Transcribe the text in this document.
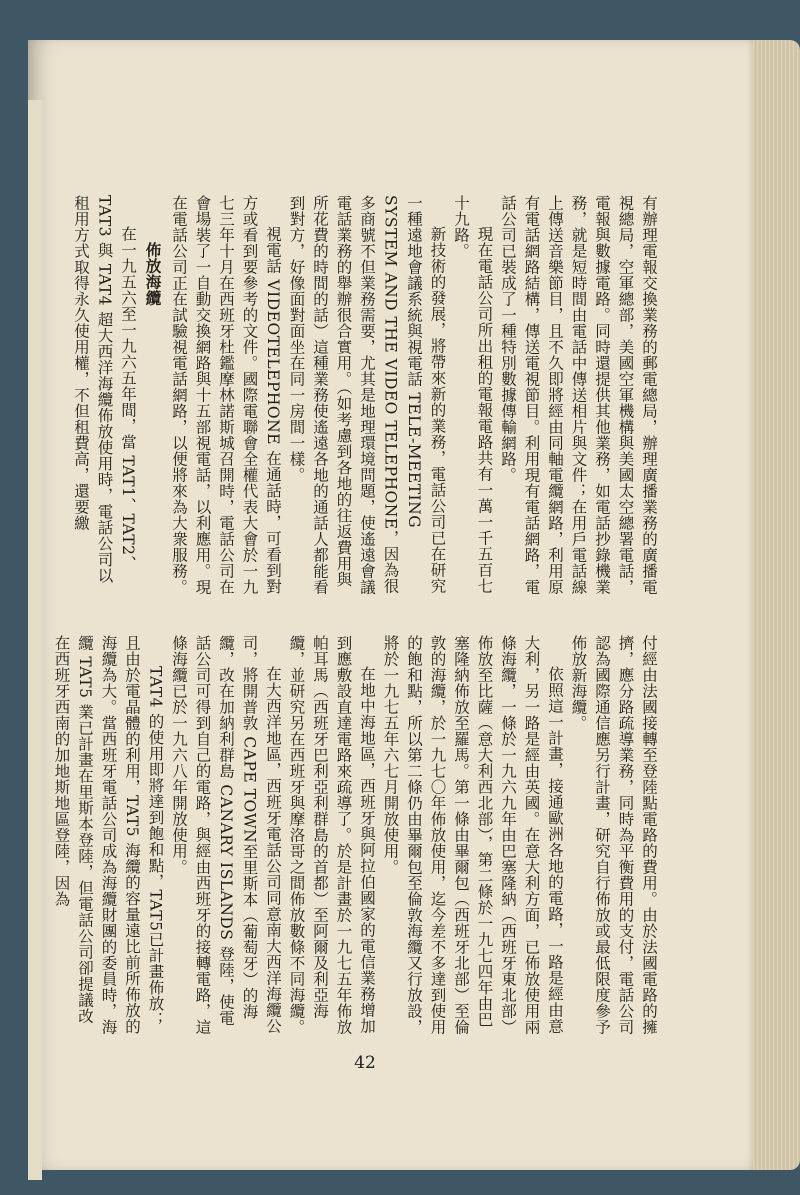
有辦理電報交換業務的郵電總局，辦理廣播業務的廣播電視總局，空軍總部，美國空軍機構與美國太空總署電話，電報與數據電路。同時還提供其他業務，如電話抄錄機業務，就是短時間由電話中傳送相片與文件；在用戶電話線上傳送音樂節目，且不久即將經由同軸電纜網路，利用原有電話網路結構，傳送電視節目。利用現有電話網路，電話公司已裝成了一種特別數據傳輸網路。
現在電話公司所出租的電報電路共有一萬一千五百七十九路。
新技術的發展，將帶來新的業務，電話公司已在研究一種遠地會議系統與視電話 TELE-MEETING SYSTEM AND THE VIDEO TELEPHONE，因為很多商號不但業務需要，尤其是地理環境問題，使遙遠會議電話業務的舉辦很合實用。（如考慮到各地的往返費用與所花費的時間的話）這種業務使遙遠各地的通話人都能看到對方，好像面對面坐在同一房間一樣。
視電話 VIDEOTELEPHONE 在通話時，可看到對方或看到要參考的文件。國際電聯會全權代表大會於一九七三年十月在西班牙杜鑑摩林諾斯城召開時，電話公司在會場裝了一自動交換網路與十五部視電話，以利應用。現在電話公司正在試驗視電話網路，以便將來為大衆服務。
佈放海纜
在一九五六至一九六五年間，當 TAT1、TAT2、TAT3 與 TAT4 超大西洋海纜佈放使用時，電話公司以租用方式取得永久使用權，不但租費高，還要繳
付經由法國接轉至登陸點電路的費用。由於法國電路的擁擠，應分路疏導業務，同時為平衡費用的支付，電話公司認為國際通信應另行計畫，研究自行佈放或最低限度參予佈放新海纜。
依照這一計畫，接通歐洲各地的電路，一路是經由意大利，另一路是經由英國。在意大利方面，已佈放使用兩條海纜，一條於一九六九年由巴塞隆納（西班牙東北部）佈放至比薩（意大利西北部），第二條於一九七四年由巴塞隆納佈放至羅馬。第一條由畢爾包（西班牙北部）至倫敦的海纜，於一九七〇年佈放使用，迄今差不多達到使用的飽和點，所以第二條仍由畢爾包至倫敦海纜又行放設，將於一九七五年六七月開放使用。
在地中海地區，西班牙與阿拉伯國家的電信業務增加到應敷設直達電路來疏導了。於是計畫於一九七五年佈放帕耳馬（西班牙巴利亞利群島的首都）至阿爾及利亞海纜，並研究另在西班牙與摩洛哥之間佈放數條不同海纜。
在大西洋地區，西班牙電話公司同意南大西洋海纜公司，將開普敦 CAPE TOWN至里斯本（葡萄牙）的海纜，改在加納利群島 CANARY ISLANDS 登陸，使電話公司可得到自己的電路，與經由西班牙的接轉電路，這條海纜已於一九六八年開放使用。
TAT4 的使用即將達到飽和點，TAT5已計畫佈放；且由於電晶體的利用，TAT5 海纜的容量遠比前所佈放的海纜為大。當西班牙電話公司成為海纜財團的委員時，海纜 TAT5 業已計畫在里斯本登陸，但電話公司卻提議改在西班牙西南的加地斯地區登陸，因為
42
